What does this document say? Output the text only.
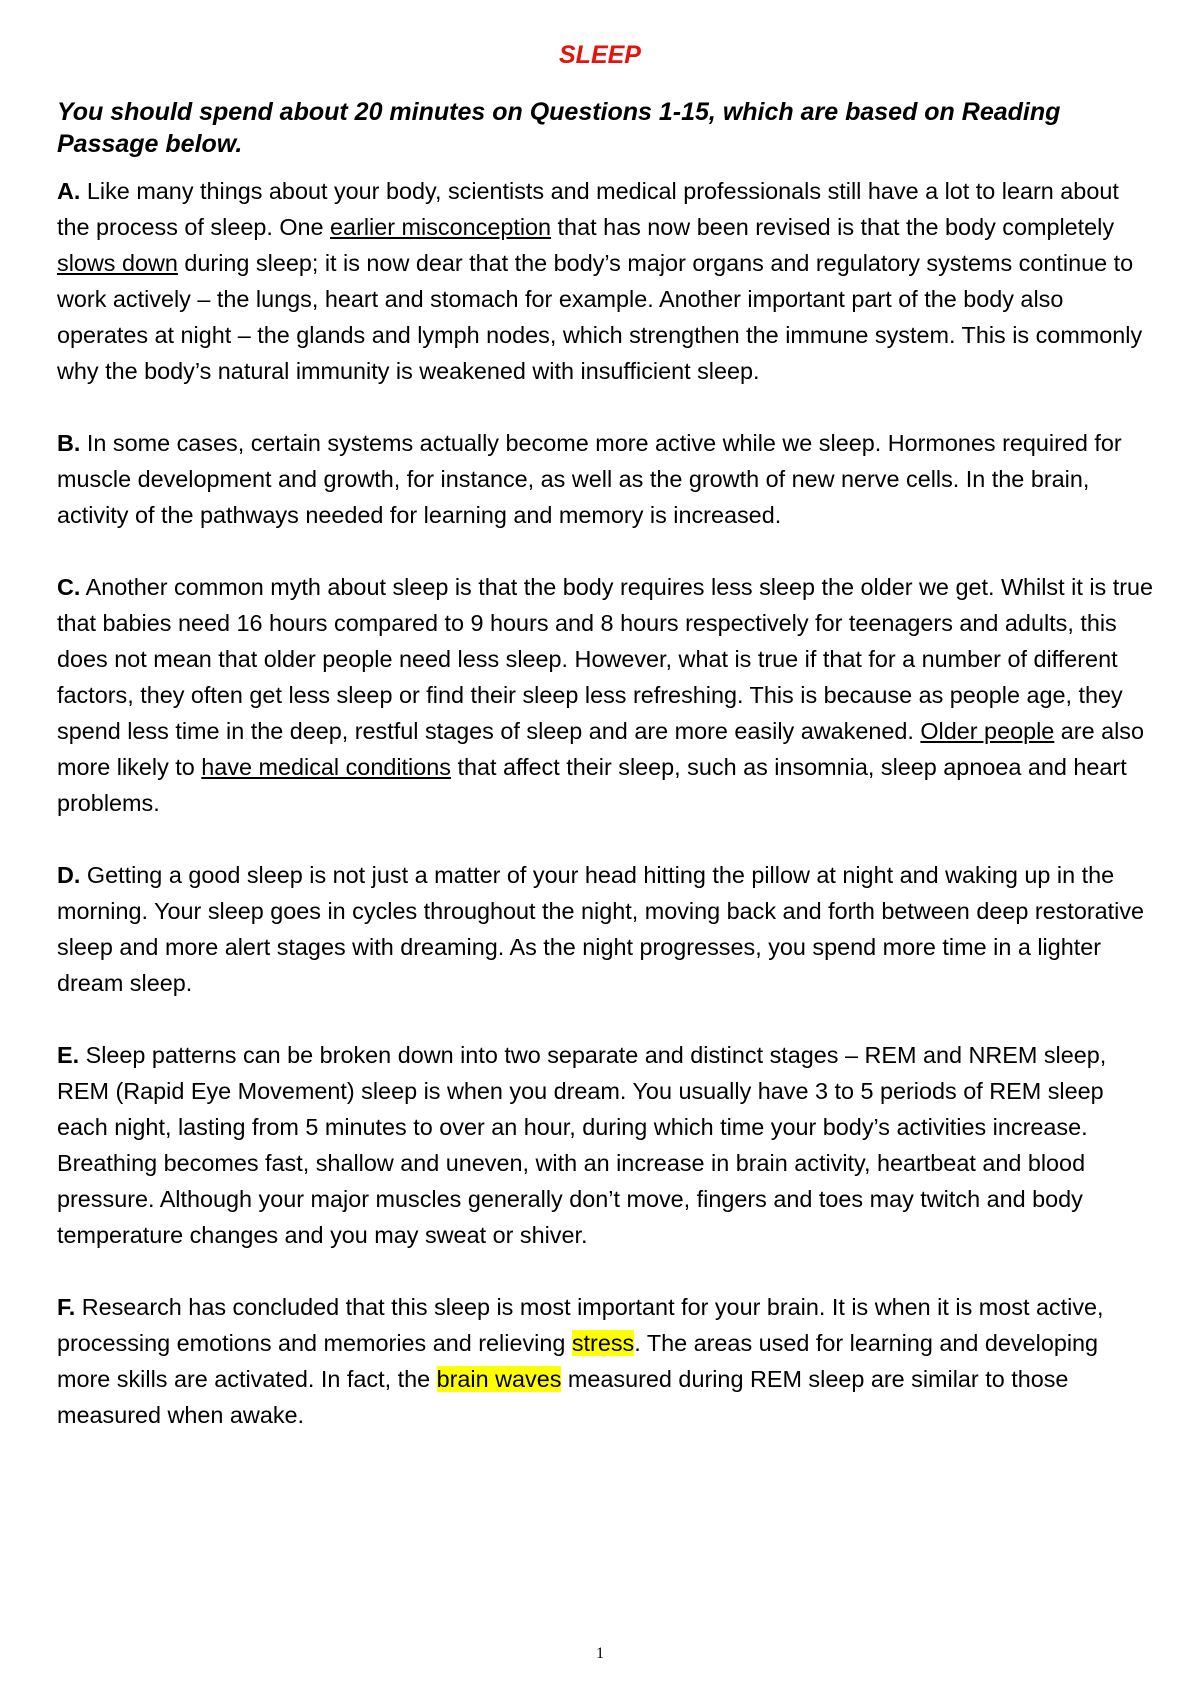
SLEEP
You should spend about 20 minutes on Questions 1-15, which are based on Reading Passage below.

A. Like many things about your body, scientists and medical professionals still have a lot to learn about the process of sleep. One earlier misconception that has now been revised is that the body completely slows down during sleep; it is now dear that the body’s major organs and regulatory systems continue to work actively – the lungs, heart and stomach for example. Another important part of the body also operates at night – the glands and lymph nodes, which strengthen the immune system. This is commonly why the body’s natural immunity is weakened with insufficient sleep.

B. In some cases, certain systems actually become more active while we sleep. Hormones required for muscle development and growth, for instance, as well as the growth of new nerve cells. In the brain, activity of the pathways needed for learning and memory is increased.

C. Another common myth about sleep is that the body requires less sleep the older we get. Whilst it is true that babies need 16 hours compared to 9 hours and 8 hours respectively for teenagers and adults, this does not mean that older people need less sleep. However, what is true if that for a number of different factors, they often get less sleep or find their sleep less refreshing. This is because as people age, they spend less time in the deep, restful stages of sleep and are more easily awakened. Older people are also more likely to have medical conditions that affect their sleep, such as insomnia, sleep apnoea and heart problems.

D. Getting a good sleep is not just a matter of your head hitting the pillow at night and waking up in the morning. Your sleep goes in cycles throughout the night, moving back and forth between deep restorative sleep and more alert stages with dreaming. As the night progresses, you spend more time in a lighter dream sleep.

E. Sleep patterns can be broken down into two separate and distinct stages – REM and NREM sleep, REM (Rapid Eye Movement) sleep is when you dream. You usually have 3 to 5 periods of REM sleep each night, lasting from 5 minutes to over an hour, during which time your body’s activities increase. Breathing becomes fast, shallow and uneven, with an increase in brain activity, heartbeat and blood pressure. Although your major muscles generally don’t move, fingers and toes may twitch and body temperature changes and you may sweat or shiver.

F. Research has concluded that this sleep is most important for your brain. It is when it is most active, processing emotions and memories and relieving stress. The areas used for learning and developing more skills are activated. In fact, the brain waves measured during REM sleep are similar to those measured when awake.

1
